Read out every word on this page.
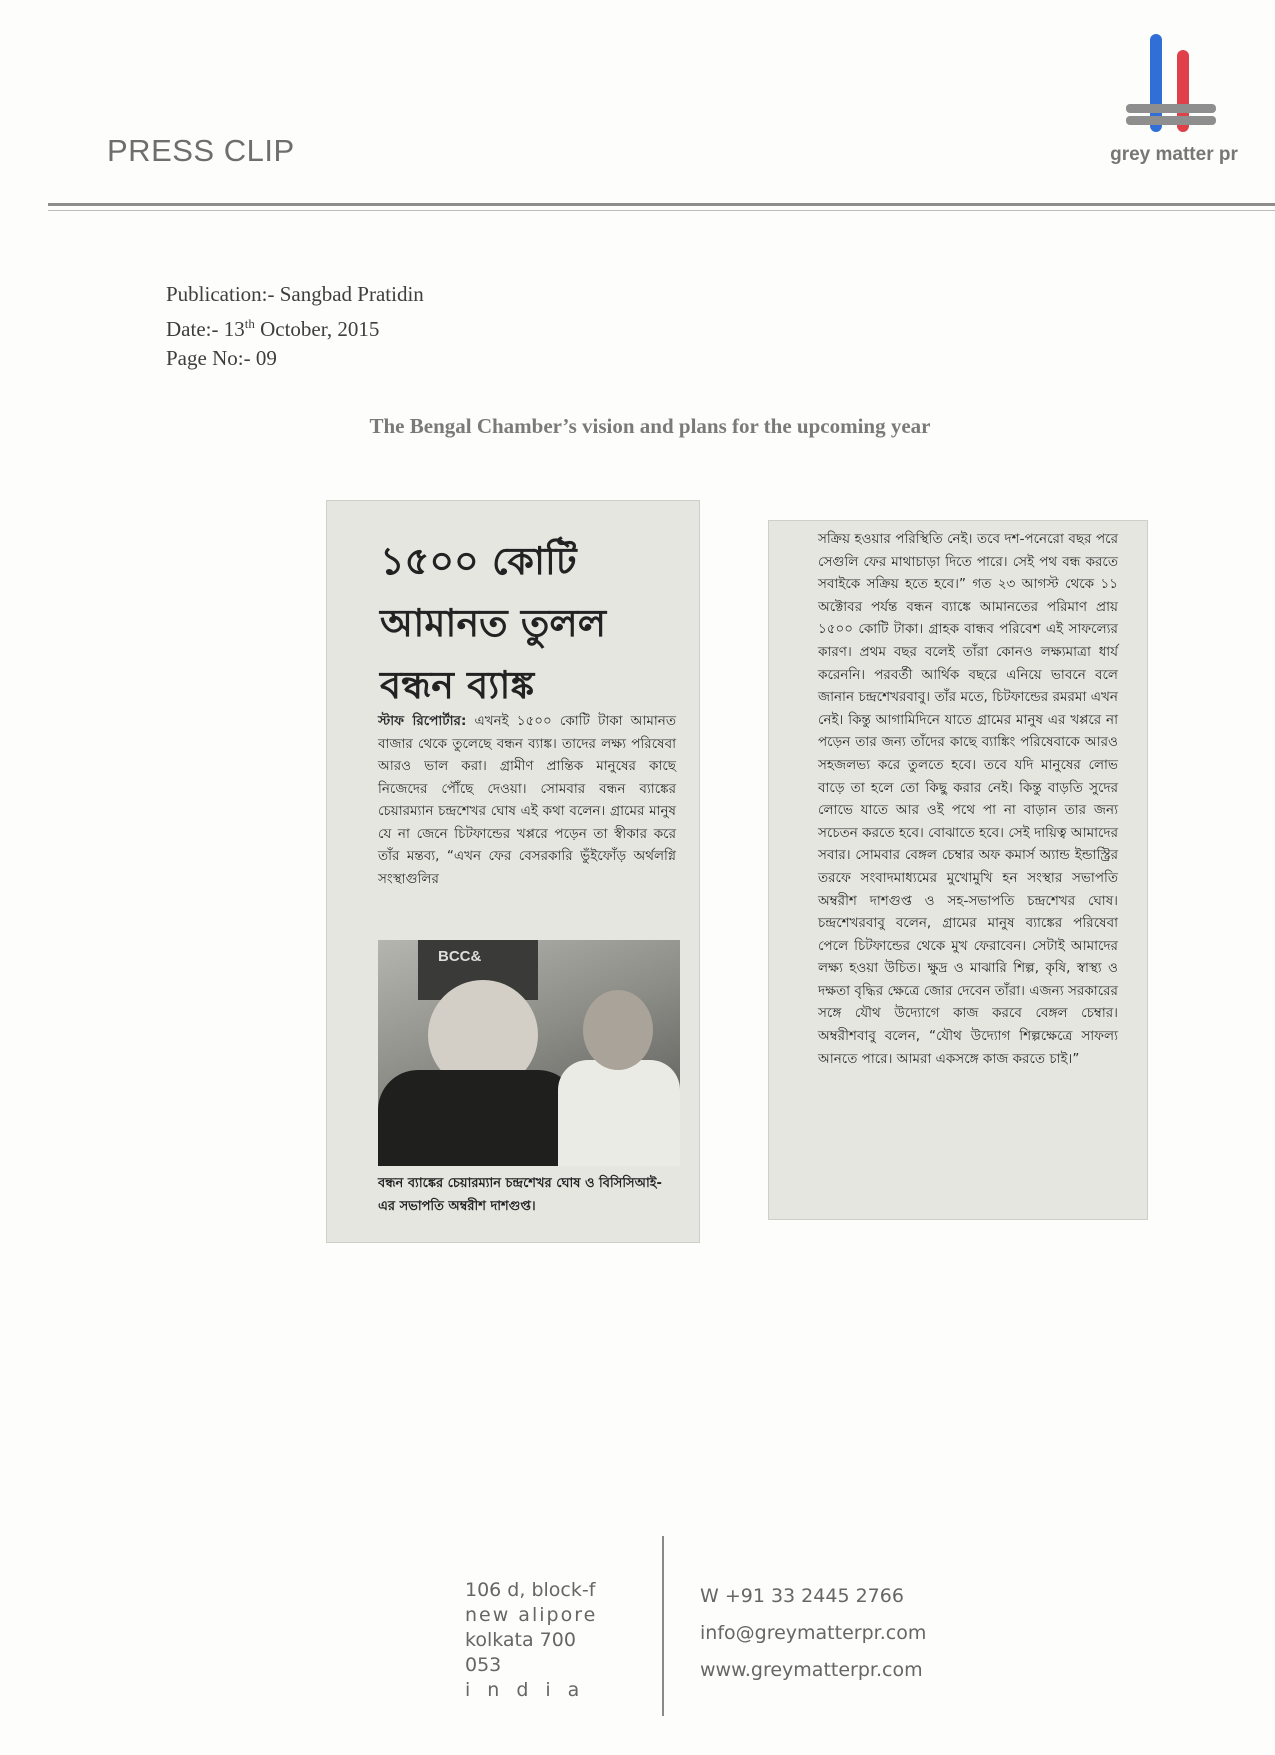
PRESS CLIP	grey matter pr
Publication:- Sangbad Pratidin
Date:- 13th October, 2015
Page No:- 09
The Bengal Chamber’s vision and plans for the upcoming year
১৫০০ কোটি আমানত তুলল বন্ধন ব্যাঙ্ক
স্টাফ রিপোর্টার: এখনই ১৫০০ কোটি টাকা আমানত বাজার থেকে তুলেছে বন্ধন ব্যাঙ্ক। তাদের লক্ষ্য পরিষেবা আরও ভাল করা। গ্রামীণ প্রান্তিক মানুষের কাছে নিজেদের পৌঁছে দেওয়া। সোমবার বন্ধন ব্যাঙ্কের চেয়ারম্যান চন্দ্রশেখর ঘোষ এই কথা বলেন। গ্রামের মানুষ যে না জেনে চিটফান্ডের খপ্পরে পড়েন তা স্বীকার করে তাঁর মন্তব্য, “এখন ফের বেসরকারি ভুঁইফোঁড় অর্থলগ্নি সংস্থাগুলির
BCC&
বন্ধন ব্যাঙ্কের চেয়ারম্যান চন্দ্রশেখর ঘোষ ও বিসিসিআই-এর সভাপতি অম্বরীশ দাশগুপ্ত।
সক্রিয় হওয়ার পরিস্থিতি নেই। তবে দশ-পনেরো বছর পরে সেগুলি ফের মাথাচাড়া দিতে পারে। সেই পথ বন্ধ করতে সবাইকে সক্রিয় হতে হবে।” গত ২৩ আগস্ট থেকে ১১ অক্টোবর পর্যন্ত বন্ধন ব্যাঙ্কে আমানতের পরিমাণ প্রায় ১৫০০ কোটি টাকা। গ্রাহক বান্ধব পরিবেশ এই সাফল্যের কারণ। প্রথম বছর বলেই তাঁরা কোনও লক্ষ্যমাত্রা ধার্য করেননি। পরবর্তী আর্থিক বছরে এনিয়ে ভাবনে বলে জানান চন্দ্রশেখরবাবু। তাঁর মতে, চিটফান্ডের রমরমা এখন নেই। কিন্তু আগামিদিনে যাতে গ্রামের মানুষ এর খপ্পরে না পড়েন তার জন্য তাঁদের কাছে ব্যাঙ্কিং পরিষেবাকে আরও সহজলভ্য করে তুলতে হবে। তবে যদি মানুষের লোভ বাড়ে তা হলে তো কিছু করার নেই। কিন্তু বাড়তি সুদের লোভে যাতে আর ওই পথে পা না বাড়ান তার জন্য সচেতন করতে হবে। বোঝাতে হবে। সেই দায়িত্ব আমাদের সবার। সোমবার বেঙ্গল চেম্বার অফ কমার্স অ্যান্ড ইন্ডাস্ট্রির তরফে সংবাদমাধ্যমের মুখোমুখি হন সংস্থার সভাপতি অম্বরীশ দাশগুপ্ত ও সহ-সভাপতি চন্দ্রশেখর ঘোষ। চন্দ্রশেখরবাবু বলেন, গ্রামের মানুষ ব্যাঙ্কের পরিষেবা পেলে চিটফান্ডের থেকে মুখ ফেরাবেন। সেটাই আমাদের লক্ষ্য হওয়া উচিত। ক্ষুদ্র ও মাঝারি শিল্প, কৃষি, স্বাস্থ্য ও দক্ষতা বৃদ্ধির ক্ষেত্রে জোর দেবেন তাঁরা। এজন্য সরকারের সঙ্গে যৌথ উদ্যোগে কাজ করবে বেঙ্গল চেম্বার। অম্বরীশবাবু বলেন, “যৌথ উদ্যোগ শিল্পক্ষেত্রে সাফল্য আনতে পারে। আমরা একসঙ্গে কাজ করতে চাই।”
106 d, block-f
new alipore
kolkata 700 053
india
W +91 33 2445 2766
info@greymatterpr.com
www.greymatterpr.com
